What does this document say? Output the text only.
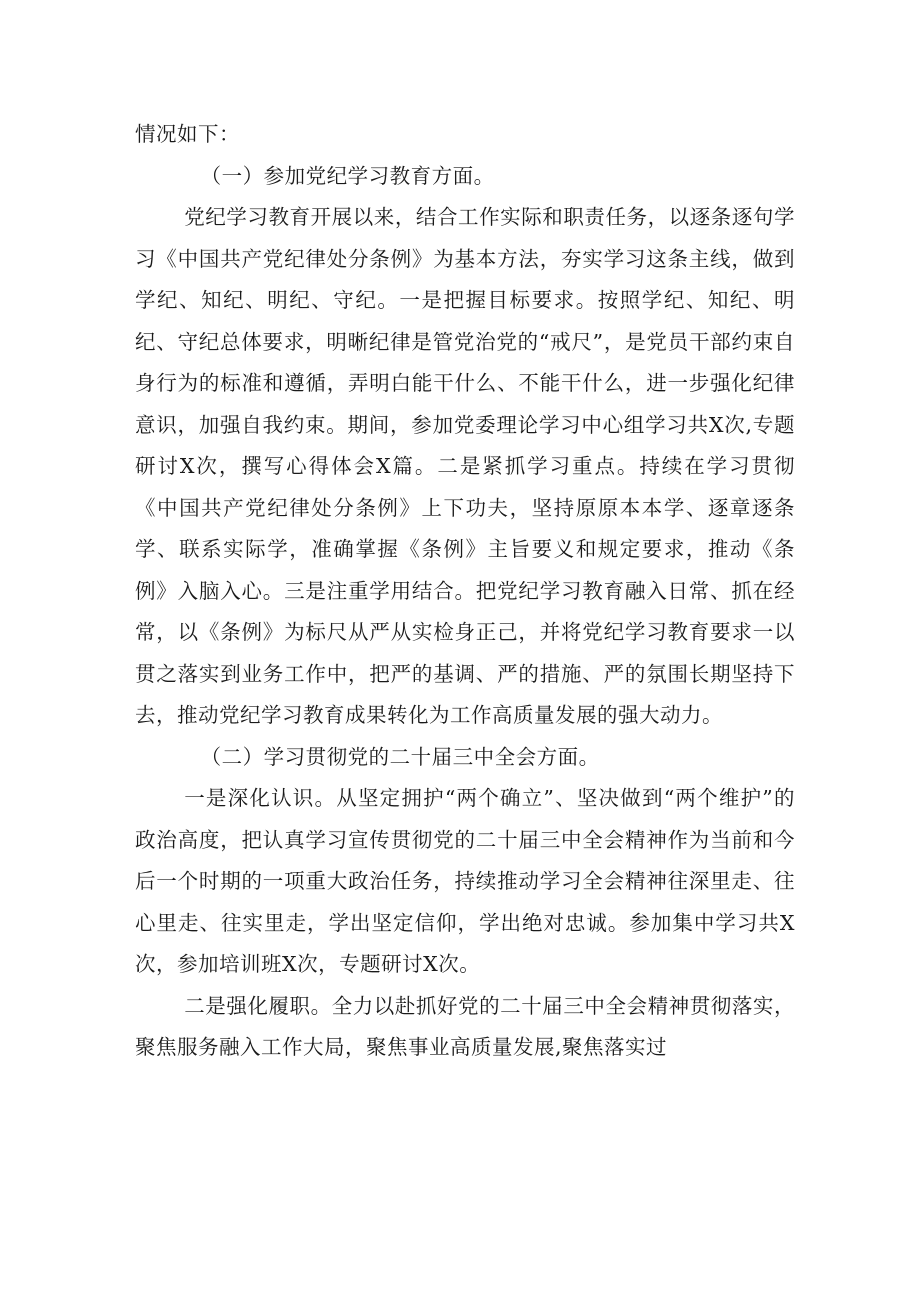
情况如下：

（一）参加党纪学习教育方面。

党纪学习教育开展以来，结合工作实际和职责任务，以逐条逐句学习《中国共产党纪律处分条例》为基本方法，夯实学习这条主线，做到学纪、知纪、明纪、守纪。一是把握目标要求。按照学纪、知纪、明纪、守纪总体要求，明晰纪律是管党治党的“戒尺”，是党员干部约束自身行为的标准和遵循，弄明白能干什么、不能干什么，进一步强化纪律意识，加强自我约束。期间，参加党委理论学习中心组学习共X次,专题研讨X次，撰写心得体会X篇。二是紧抓学习重点。持续在学习贯彻《中国共产党纪律处分条例》上下功夫，坚持原原本本学、逐章逐条学、联系实际学，准确掌握《条例》主旨要义和规定要求，推动《条例》入脑入心。三是注重学用结合。把党纪学习教育融入日常、抓在经常，以《条例》为标尺从严从实检身正己，并将党纪学习教育要求一以贯之落实到业务工作中，把严的基调、严的措施、严的氛围长期坚持下去，推动党纪学习教育成果转化为工作高质量发展的强大动力。

（二）学习贯彻党的二十届三中全会方面。

一是深化认识。从坚定拥护“两个确立”、坚决做到“两个维护”的政治高度，把认真学习宣传贯彻党的二十届三中全会精神作为当前和今后一个时期的一项重大政治任务，持续推动学习全会精神往深里走、往心里走、往实里走，学出坚定信仰，学出绝对忠诚。参加集中学习共X次，参加培训班X次，专题研讨X次。

二是强化履职。全力以赴抓好党的二十届三中全会精神贯彻落实，聚焦服务融入工作大局，聚焦事业高质量发展,聚焦落实过
